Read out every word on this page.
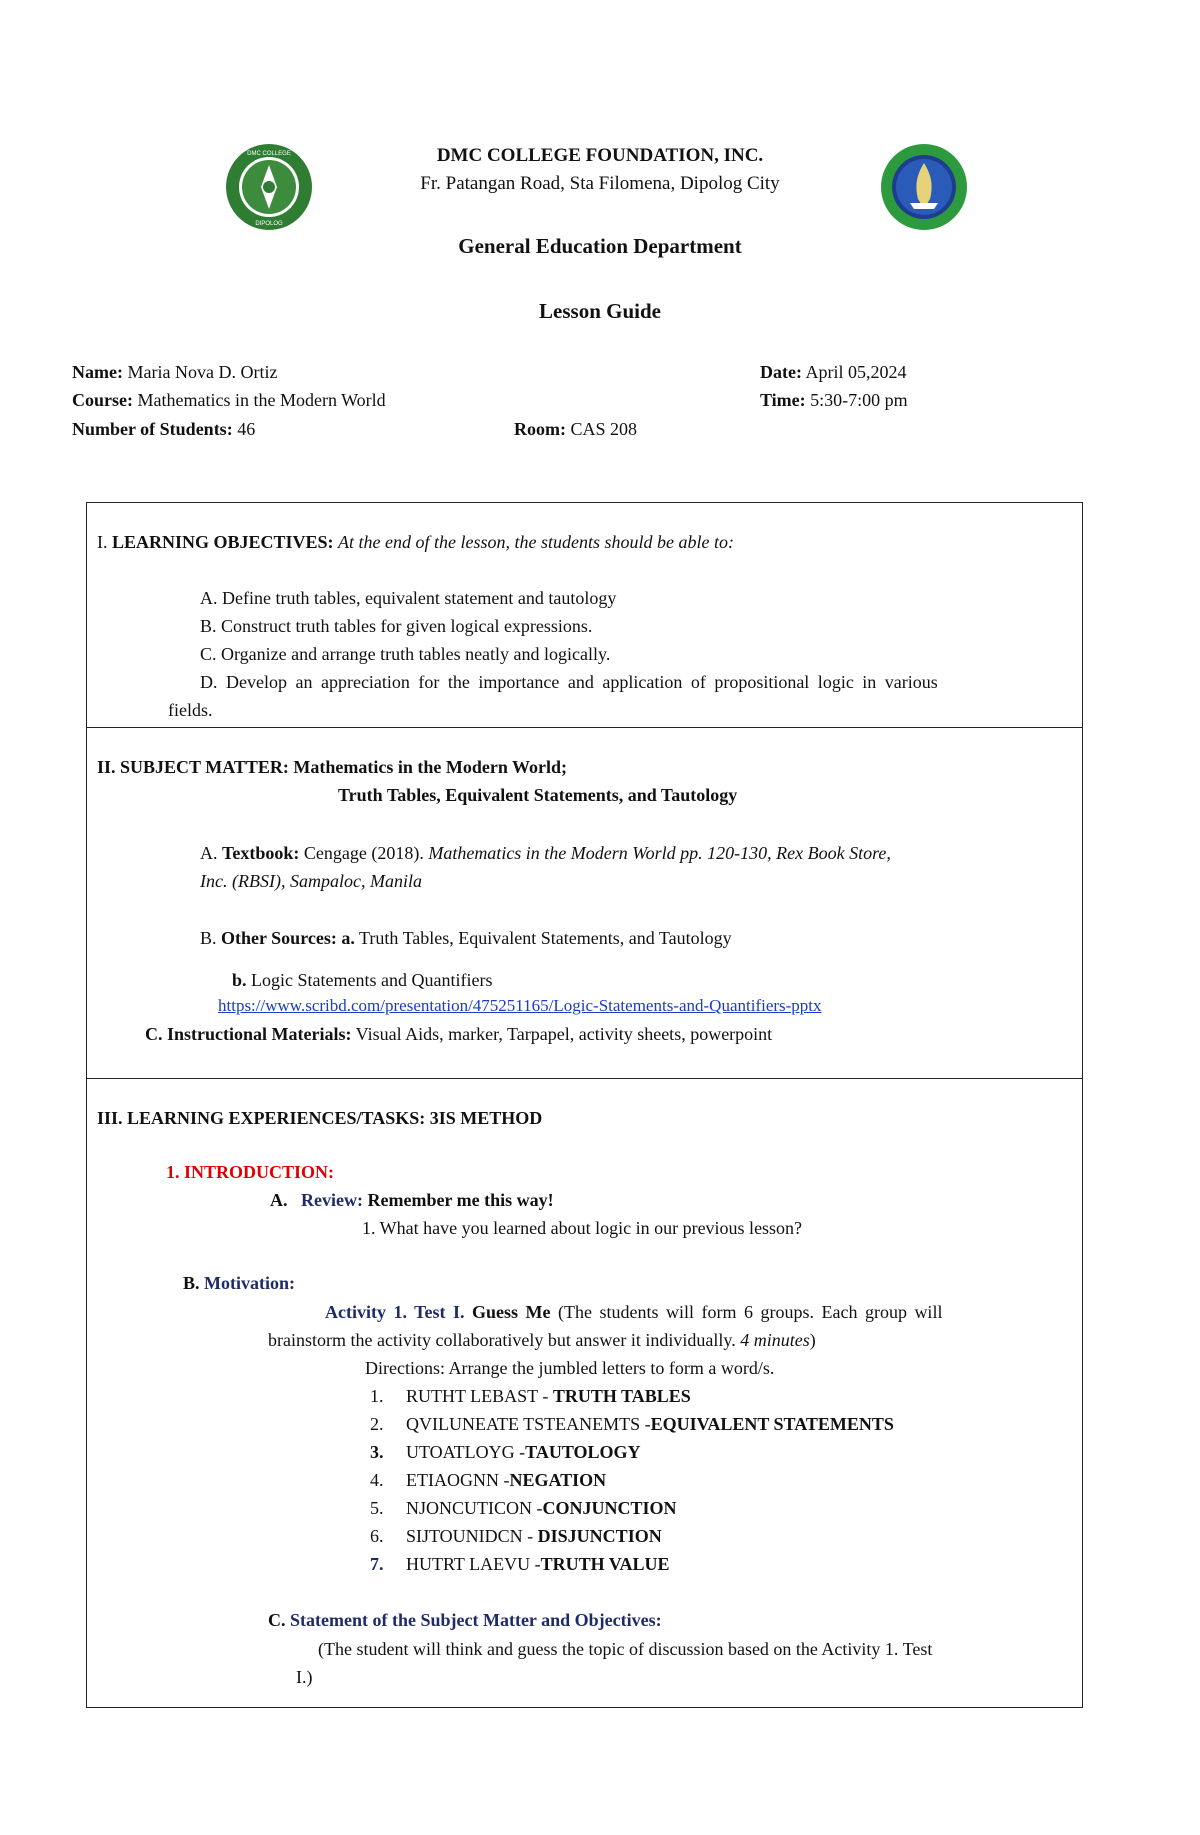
DMC COLLEGE
DIPOLOG
DMC COLLEGE FOUNDATION, INC.
Fr. Patangan Road, Sta Filomena, Dipolog City
General Education Department
Lesson Guide
Name: Maria Nova D. Ortiz
Course: Mathematics in the Modern World
Number of Students: 46
Date: April 05,2024
Time: 5:30-7:00 pm
Room: CAS 208
I. LEARNING OBJECTIVES: At the end of the lesson, the students should be able to:
A. Define truth tables, equivalent statement and tautology
B. Construct truth tables for given logical expressions.
C. Organize and arrange truth tables neatly and logically.
D. Develop an appreciation for the importance and application of propositional logic in various
fields.
II. SUBJECT MATTER: Mathematics in the Modern World;
Truth Tables, Equivalent Statements, and Tautology
A. Textbook: Cengage (2018). Mathematics in the Modern World pp. 120-130, Rex Book Store,
Inc. (RBSI), Sampaloc, Manila
B. Other Sources: a. Truth Tables, Equivalent Statements, and Tautology
b. Logic Statements and Quantifiers
https://www.scribd.com/presentation/475251165/Logic-Statements-and-Quantifiers-pptx
C. Instructional Materials: Visual Aids, marker, Tarpapel, activity sheets, powerpoint
III. LEARNING EXPERIENCES/TASKS: 3IS METHOD
1. INTRODUCTION:
A. Review: Remember me this way!
1. What have you learned about logic in our previous lesson?
B. Motivation:
Activity 1. Test I. Guess Me (The students will form 6 groups. Each group will
brainstorm the activity collaboratively but answer it individually. 4 minutes)
Directions: Arrange the jumbled letters to form a word/s.
1. RUTHT LEBAST - TRUTH TABLES
2. QVILUNEATE TSTEANEMTS -EQUIVALENT STATEMENTS
3. UTOATLOYG -TAUTOLOGY
4. ETIAOGNN -NEGATION
5. NJONCUTICON -CONJUNCTION
6. SIJTOUNIDCN - DISJUNCTION
7. HUTRT LAEVU -TRUTH VALUE
C. Statement of the Subject Matter and Objectives:
(The student will think and guess the topic of discussion based on the Activity 1. Test
I.)
